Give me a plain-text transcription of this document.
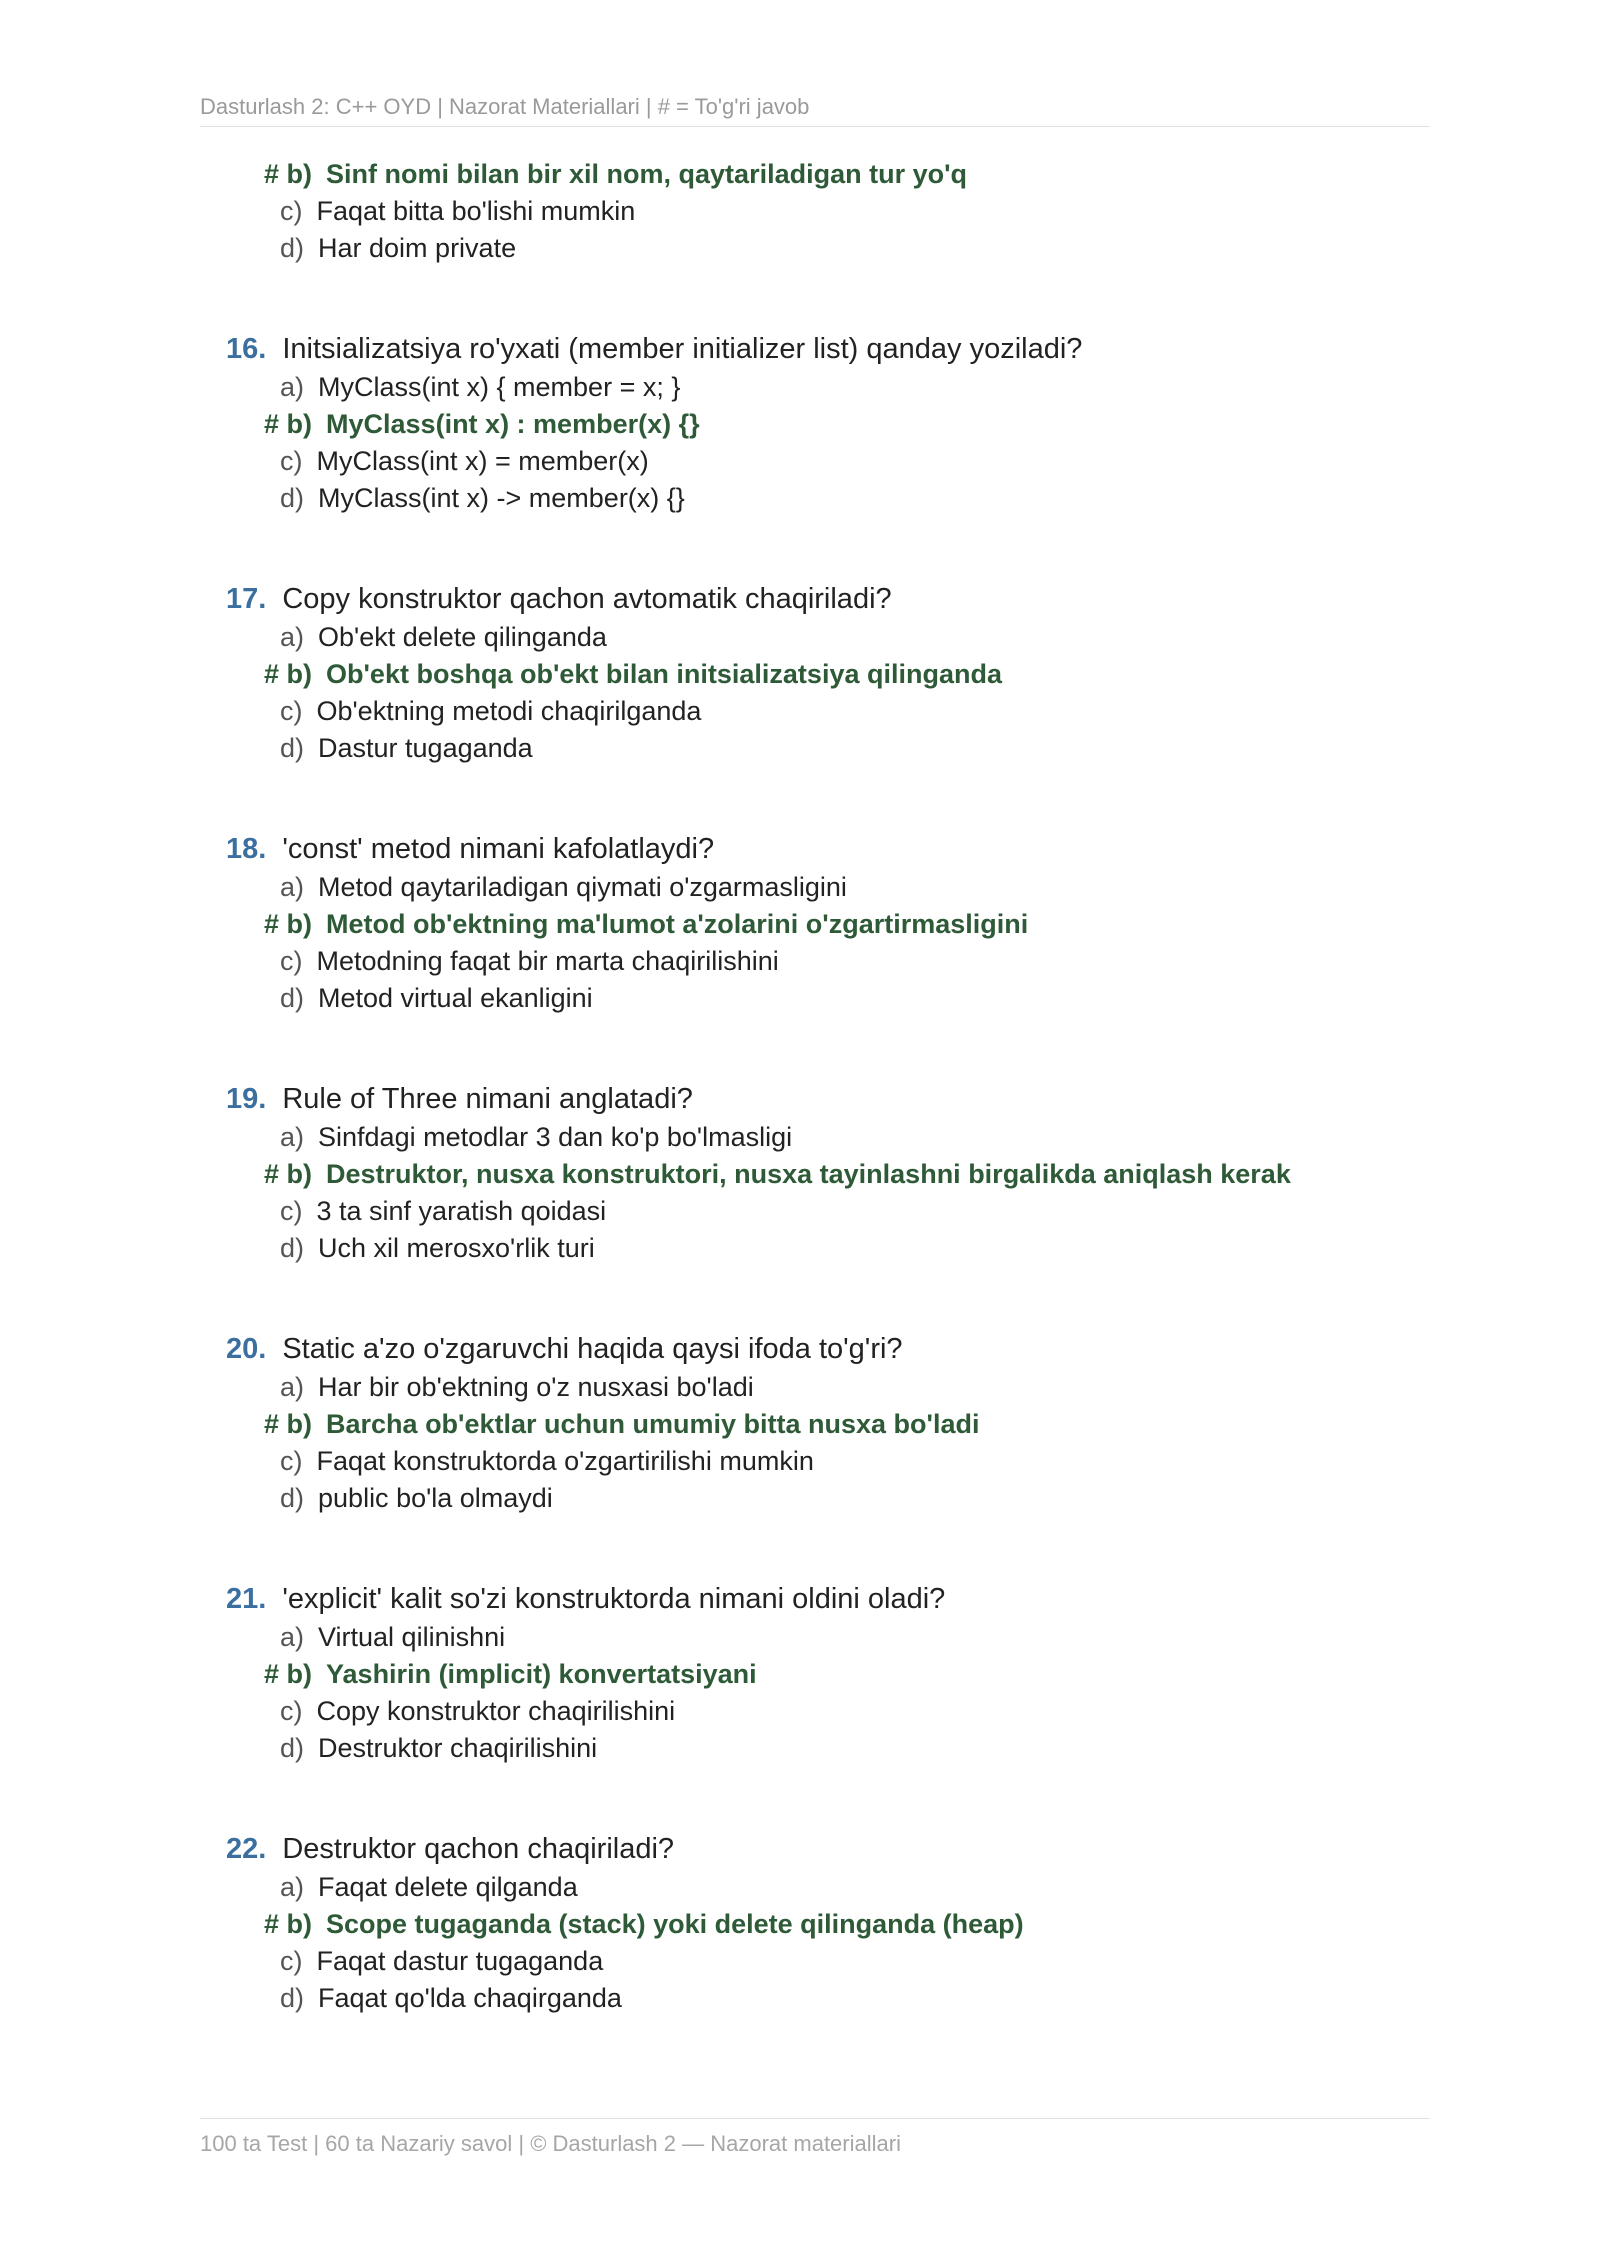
Dasturlash 2: C++ OYD | Nazorat Materiallari | # = To'g'ri javob
# b) Sinf nomi bilan bir xil nom, qaytariladigan tur yo'q
c) Faqat bitta bo'lishi mumkin
d) Har doim private
16. Initsializatsiya ro'yxati (member initializer list) qanday yoziladi?
a) MyClass(int x) { member = x; }
# b) MyClass(int x) : member(x) {}
c) MyClass(int x) = member(x)
d) MyClass(int x) -> member(x) {}
17. Copy konstruktor qachon avtomatik chaqiriladi?
a) Ob'ekt delete qilinganda
# b) Ob'ekt boshqa ob'ekt bilan initsializatsiya qilinganda
c) Ob'ektning metodi chaqirilganda
d) Dastur tugaganda
18. 'const' metod nimani kafolatlaydi?
a) Metod qaytariladigan qiymati o'zgarmasligini
# b) Metod ob'ektning ma'lumot a'zolarini o'zgartirmasligini
c) Metodning faqat bir marta chaqirilishini
d) Metod virtual ekanligini
19. Rule of Three nimani anglatadi?
a) Sinfdagi metodlar 3 dan ko'p bo'lmasligi
# b) Destruktor, nusxa konstruktori, nusxa tayinlashni birgalikda aniqlash kerak
c) 3 ta sinf yaratish qoidasi
d) Uch xil merosxo'rlik turi
20. Static a'zo o'zgaruvchi haqida qaysi ifoda to'g'ri?
a) Har bir ob'ektning o'z nusxasi bo'ladi
# b) Barcha ob'ektlar uchun umumiy bitta nusxa bo'ladi
c) Faqat konstruktorda o'zgartirilishi mumkin
d) public bo'la olmaydi
21. 'explicit' kalit so'zi konstruktorda nimani oldini oladi?
a) Virtual qilinishni
# b) Yashirin (implicit) konvertatsiyani
c) Copy konstruktor chaqirilishini
d) Destruktor chaqirilishini
22. Destruktor qachon chaqiriladi?
a) Faqat delete qilganda
# b) Scope tugaganda (stack) yoki delete qilinganda (heap)
c) Faqat dastur tugaganda
d) Faqat qo'lda chaqirganda
100 ta Test | 60 ta Nazariy savol | © Dasturlash 2 — Nazorat materiallari
